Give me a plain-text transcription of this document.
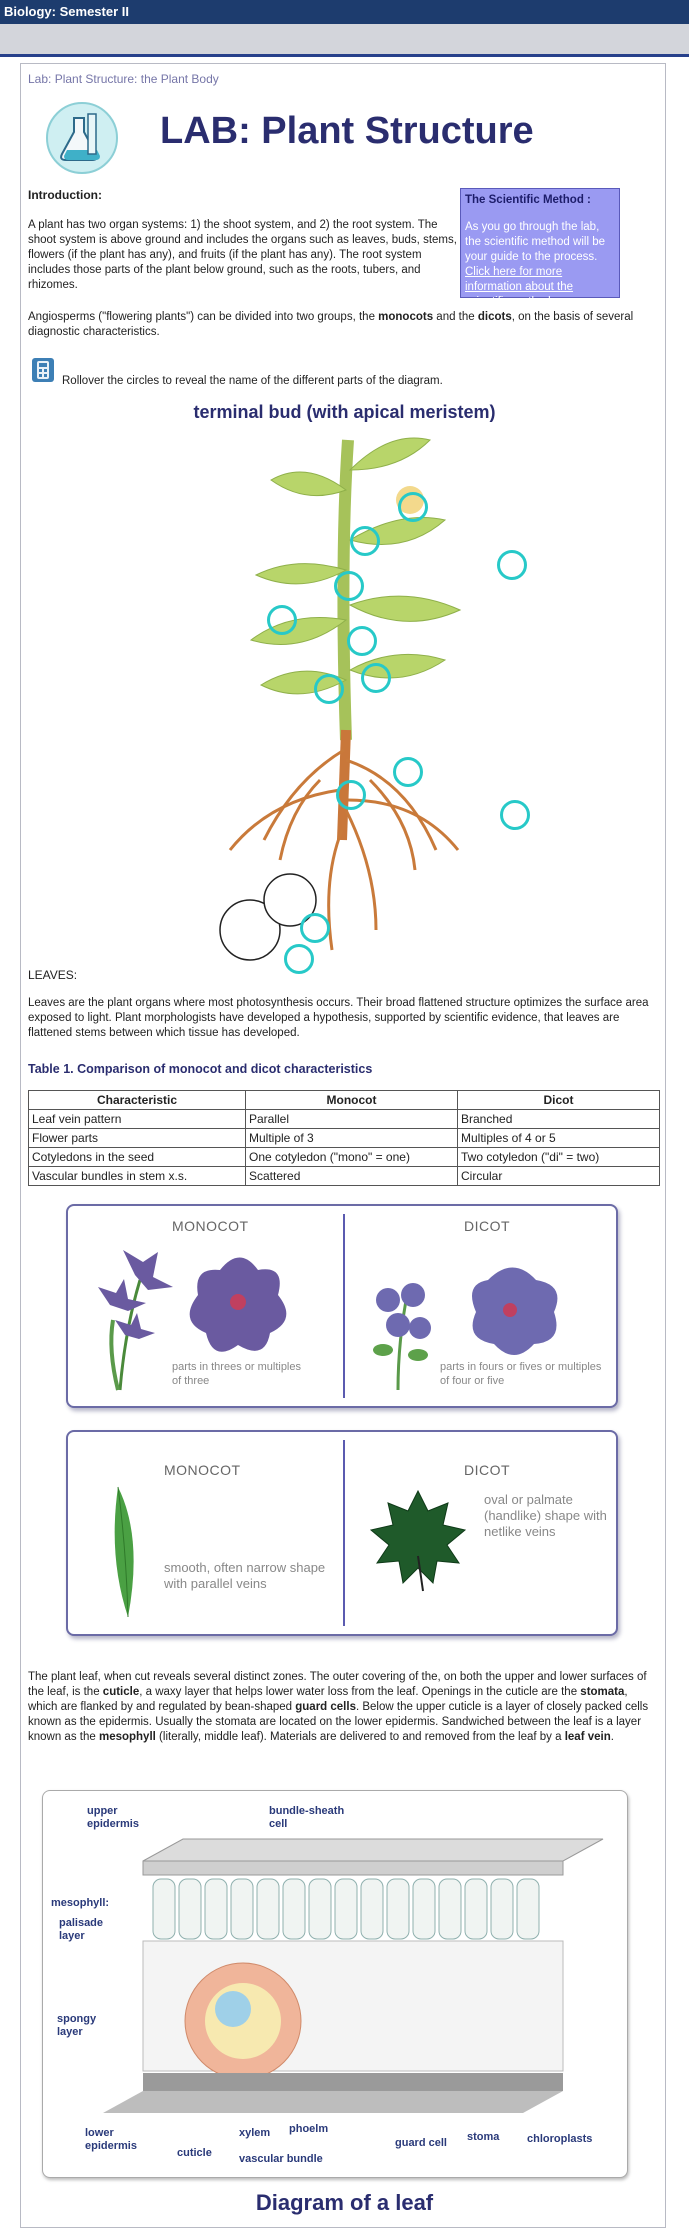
Biology: Semester II
Lab: Plant Structure: the Plant Body
LAB: Plant Structure
Introduction:
A plant has two organ systems: 1) the shoot system, and 2) the root system. The shoot system is above ground and includes the organs such as leaves, buds, stems, flowers (if the plant has any), and fruits (if the plant has any). The root system includes those parts of the plant below ground, such as the roots, tubers, and rhizomes.
The Scientific Method :
As you go through the lab, the scientific method will be your guide to the process. Click here for more information about the scientific method.
Angiosperms ("flowering plants") can be divided into two groups, the monocots and the dicots, on the basis of several diagnostic characteristics.
Rollover the circles to reveal the name of the different parts of the diagram.
terminal bud (with apical meristem)
LEAVES:
Leaves are the plant organs where most photosynthesis occurs. Their broad flattened structure optimizes the surface area exposed to light. Plant morphologists have developed a hypothesis, supported by scientific evidence, that leaves are flattened stems between which tissue has developed.
Table 1. Comparison of monocot and dicot characteristics
Characteristic	Monocot	Dicot
Leaf vein pattern	Parallel	Branched
Flower parts	Multiple of 3	Multiples of 4 or 5
Cotyledons in the seed	One cotyledon ("mono" = one)	Two cotyledon ("di" = two)
Vascular bundles in stem x.s.	Scattered	Circular
MONOCOT	DICOT
parts in threes or multiples of three
parts in fours or fives or multiples of four or five
MONOCOT	DICOT
smooth, often narrow shape with parallel veins
oval or palmate (handlike) shape with netlike veins
The plant leaf, when cut reveals several distinct zones. The outer covering of the, on both the upper and lower surfaces of the leaf, is the cuticle, a waxy layer that helps lower water loss from the leaf. Openings in the cuticle are the stomata, which are flanked by and regulated by bean-shaped guard cells. Below the upper cuticle is a layer of closely packed cells known as the epidermis. Usually the stomata are located on the lower epidermis. Sandwiched between the leaf is a layer known as the mesophyll (literally, middle leaf). Materials are delivered to and removed from the leaf by a leaf vein.
upper epidermis
bundle-sheath cell
mesophyll:
palisade layer
spongy layer
lower epidermis
cuticle
xylem phoelm
vascular bundle
guard cell stoma	chloroplasts
Diagram of a leaf
